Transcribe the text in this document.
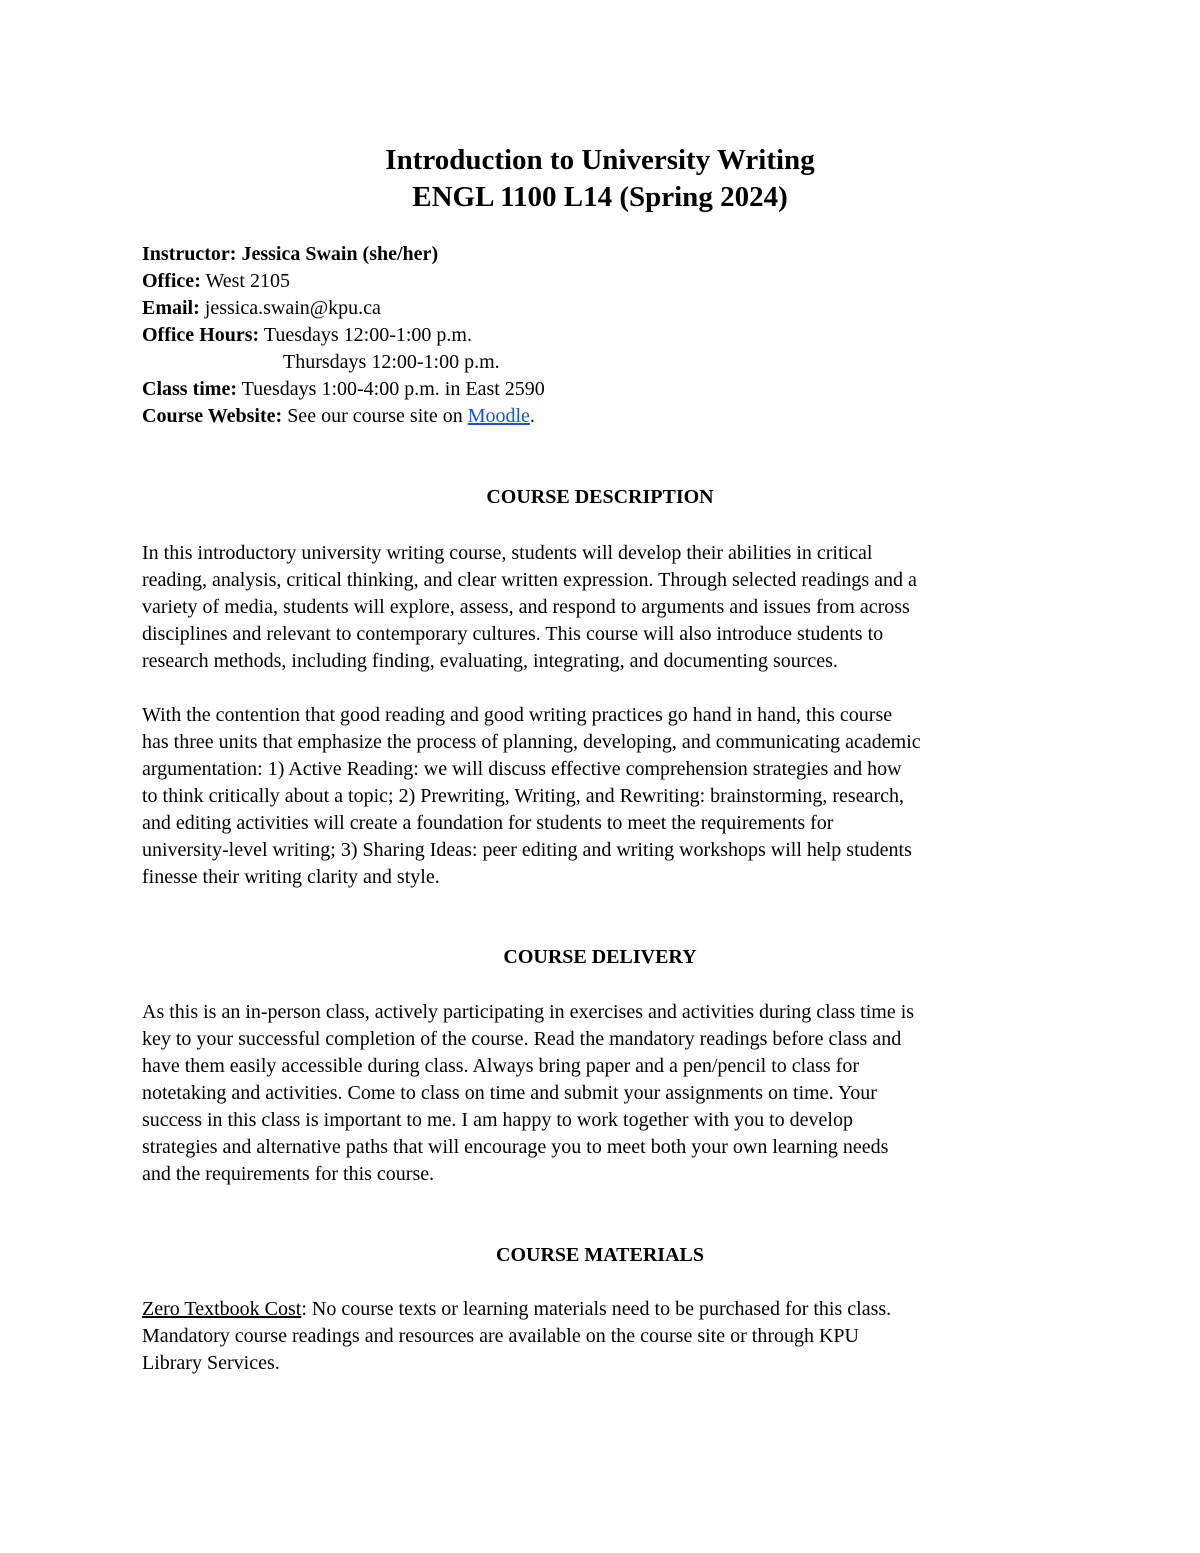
Introduction to University Writing
ENGL 1100 L14 (Spring 2024)
Instructor: Jessica Swain (she/her)
Office: West 2105
Email: jessica.swain@kpu.ca
Office Hours: Tuesdays 12:00-1:00 p.m.
Thursdays 12:00-1:00 p.m.
Class time: Tuesdays 1:00-4:00 p.m. in East 2590
Course Website: See our course site on Moodle.
COURSE DESCRIPTION
In this introductory university writing course, students will develop their abilities in critical
reading, analysis, critical thinking, and clear written expression. Through selected readings and a
variety of media, students will explore, assess, and respond to arguments and issues from across
disciplines and relevant to contemporary cultures. This course will also introduce students to
research methods, including finding, evaluating, integrating, and documenting sources.
With the contention that good reading and good writing practices go hand in hand, this course
has three units that emphasize the process of planning, developing, and communicating academic
argumentation: 1) Active Reading: we will discuss effective comprehension strategies and how
to think critically about a topic; 2) Prewriting, Writing, and Rewriting: brainstorming, research,
and editing activities will create a foundation for students to meet the requirements for
university-level writing; 3) Sharing Ideas: peer editing and writing workshops will help students
finesse their writing clarity and style.
COURSE DELIVERY
As this is an in-person class, actively participating in exercises and activities during class time is
key to your successful completion of the course. Read the mandatory readings before class and
have them easily accessible during class. Always bring paper and a pen/pencil to class for
notetaking and activities. Come to class on time and submit your assignments on time. Your
success in this class is important to me. I am happy to work together with you to develop
strategies and alternative paths that will encourage you to meet both your own learning needs
and the requirements for this course.
COURSE MATERIALS
Zero Textbook Cost: No course texts or learning materials need to be purchased for this class.
Mandatory course readings and resources are available on the course site or through KPU
Library Services.
